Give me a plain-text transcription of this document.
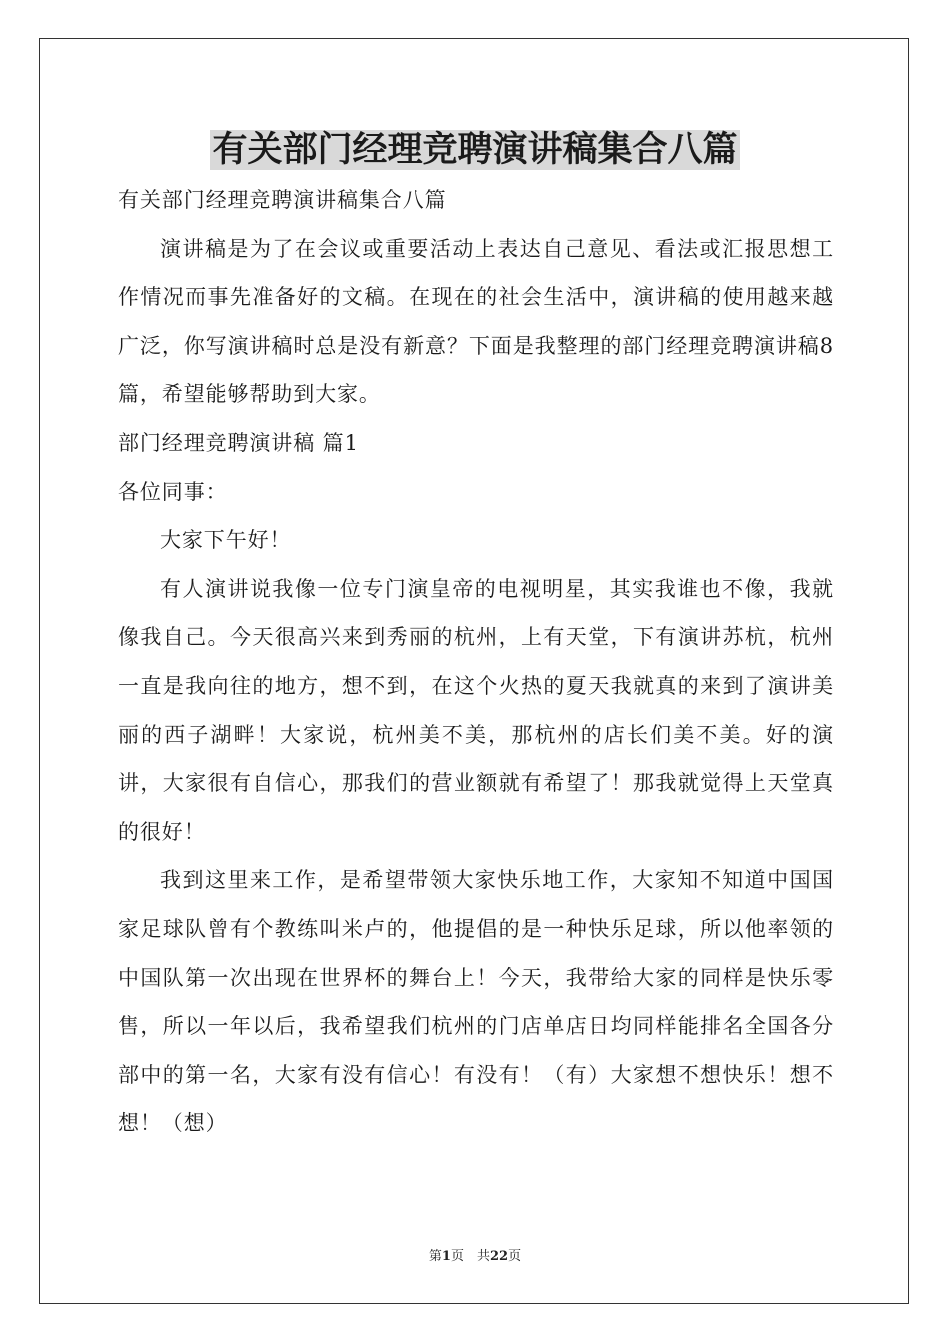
有关部门经理竞聘演讲稿集合八篇

有关部门经理竞聘演讲稿集合八篇

演讲稿是为了在会议或重要活动上表达自己意见、看法或汇报思想工作情况而事先准备好的文稿。在现在的社会生活中，演讲稿的使用越来越广泛，你写演讲稿时总是没有新意？下面是我整理的部门经理竞聘演讲稿8篇，希望能够帮助到大家。

部门经理竞聘演讲稿 篇1

各位同事：

大家下午好！

有人演讲说我像一位专门演皇帝的电视明星，其实我谁也不像，我就像我自己。今天很高兴来到秀丽的杭州，上有天堂，下有演讲苏杭，杭州一直是我向往的地方，想不到，在这个火热的夏天我就真的来到了演讲美丽的西子湖畔！大家说，杭州美不美，那杭州的店长们美不美。好的演讲，大家很有自信心，那我们的营业额就有希望了！那我就觉得上天堂真的很好！

我到这里来工作，是希望带领大家快乐地工作，大家知不知道中国国家足球队曾有个教练叫米卢的，他提倡的是一种快乐足球，所以他率领的中国队第一次出现在世界杯的舞台上！今天，我带给大家的同样是快乐零售，所以一年以后，我希望我们杭州的门店单店日均同样能排名全国各分部中的第一名，大家有没有信心！有没有！（有）大家想不想快乐！想不想！（想）

第1页　共22页
